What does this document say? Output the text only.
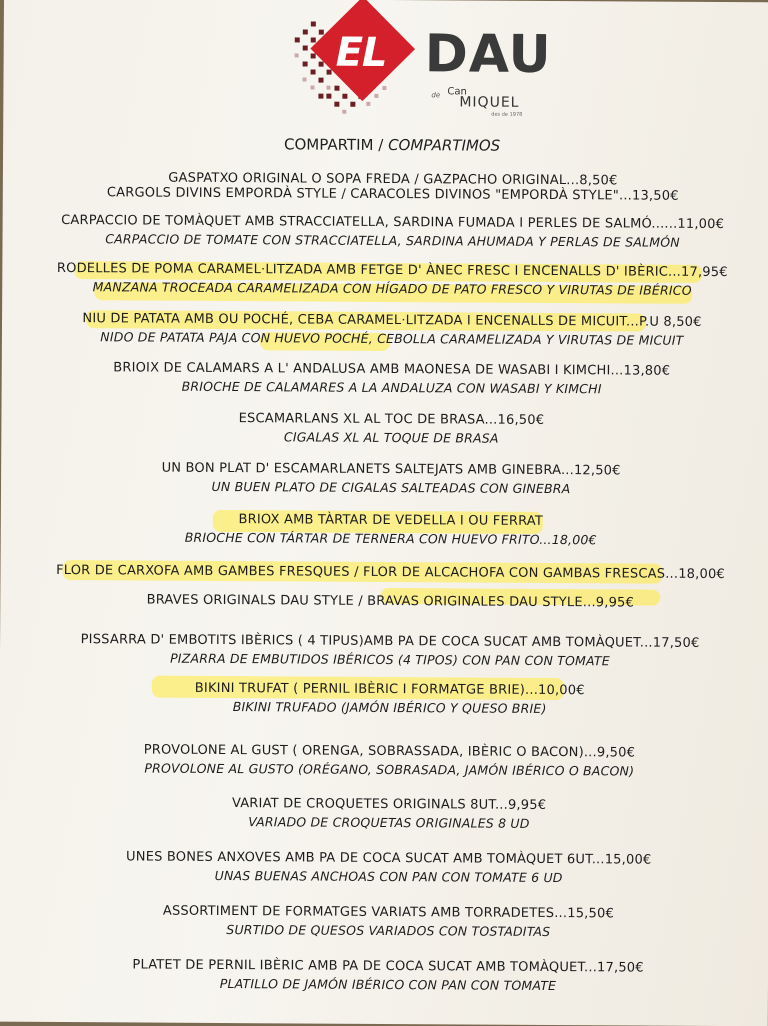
EL DAU
de Can
MIQUEL
des de 1978
COMPARTIM / COMPARTIMOS
GASPATXO ORIGINAL O SOPA FREDA / GAZPACHO ORIGINAL...8,50€
CARGOLS DIVINS EMPORDÀ STYLE / CARACOLES DIVINOS "EMPORDÀ STYLE"...13,50€
CARPACCIO DE TOMÀQUET AMB STRACCIATELLA, SARDINA FUMADA I PERLES DE SALMÓ......11,00€
CARPACCIO DE TOMATE CON STRACCIATELLA, SARDINA AHUMADA Y PERLAS DE SALMÓN
RODELLES DE POMA CARAMEL·LITZADA AMB FETGE D' ÀNEC FRESC I ENCENALLS D' IBÈRIC...17,95€
MANZANA TROCEADA CARAMELIZADA CON HÍGADO DE PATO FRESCO Y VIRUTAS DE IBÉRICO
NIU DE PATATA AMB OU POCHÉ, CEBA CARAMEL·LITZADA I ENCENALLS DE MICUIT...P.U 8,50€
NIDO DE PATATA PAJA CON HUEVO POCHÉ, CEBOLLA CARAMELIZADA Y VIRUTAS DE MICUIT
BRIOIX DE CALAMARS A L' ANDALUSA AMB MAONESA DE WASABI I KIMCHI...13,80€
BRIOCHE DE CALAMARES A LA ANDALUZA CON WASABI Y KIMCHI
ESCAMARLANS XL AL TOC DE BRASA...16,50€
CIGALAS XL AL TOQUE DE BRASA
UN BON PLAT D' ESCAMARLANETS SALTEJATS AMB GINEBRA...12,50€
UN BUEN PLATO DE CIGALAS SALTEADAS CON GINEBRA
BRIOX AMB TÀRTAR DE VEDELLA I OU FERRAT
BRIOCHE CON TÁRTAR DE TERNERA CON HUEVO FRITO...18,00€
FLOR DE CARXOFA AMB GAMBES FRESQUES / FLOR DE ALCACHOFA CON GAMBAS FRESCAS...18,00€
BRAVES ORIGINALS DAU STYLE / BRAVAS ORIGINALES DAU STYLE...9,95€
PISSARRA D' EMBOTITS IBÈRICS ( 4 TIPUS)AMB PA DE COCA SUCAT AMB TOMÀQUET...17,50€
PIZARRA DE EMBUTIDOS IBÉRICOS (4 TIPOS) CON PAN CON TOMATE
BIKINI TRUFAT ( PERNIL IBÈRIC I FORMATGE BRIE)...10,00€
BIKINI TRUFADO (JAMÓN IBÉRICO Y QUESO BRIE)
PROVOLONE AL GUST ( ORENGA, SOBRASSADA, IBÈRIC O BACON)...9,50€
PROVOLONE AL GUSTO (ORÉGANO, SOBRASADA, JAMÓN IBÉRICO O BACON)
VARIAT DE CROQUETES ORIGINALS 8UT...9,95€
VARIADO DE CROQUETAS ORIGINALES 8 UD
UNES BONES ANXOVES AMB PA DE COCA SUCAT AMB TOMÀQUET 6UT...15,00€
UNAS BUENAS ANCHOAS CON PAN CON TOMATE 6 UD
ASSORTIMENT DE FORMATGES VARIATS AMB TORRADETES...15,50€
SURTIDO DE QUESOS VARIADOS CON TOSTADITAS
PLATET DE PERNIL IBÈRIC AMB PA DE COCA SUCAT AMB TOMÀQUET...17,50€
PLATILLO DE JAMÓN IBÉRICO CON PAN CON TOMATE
